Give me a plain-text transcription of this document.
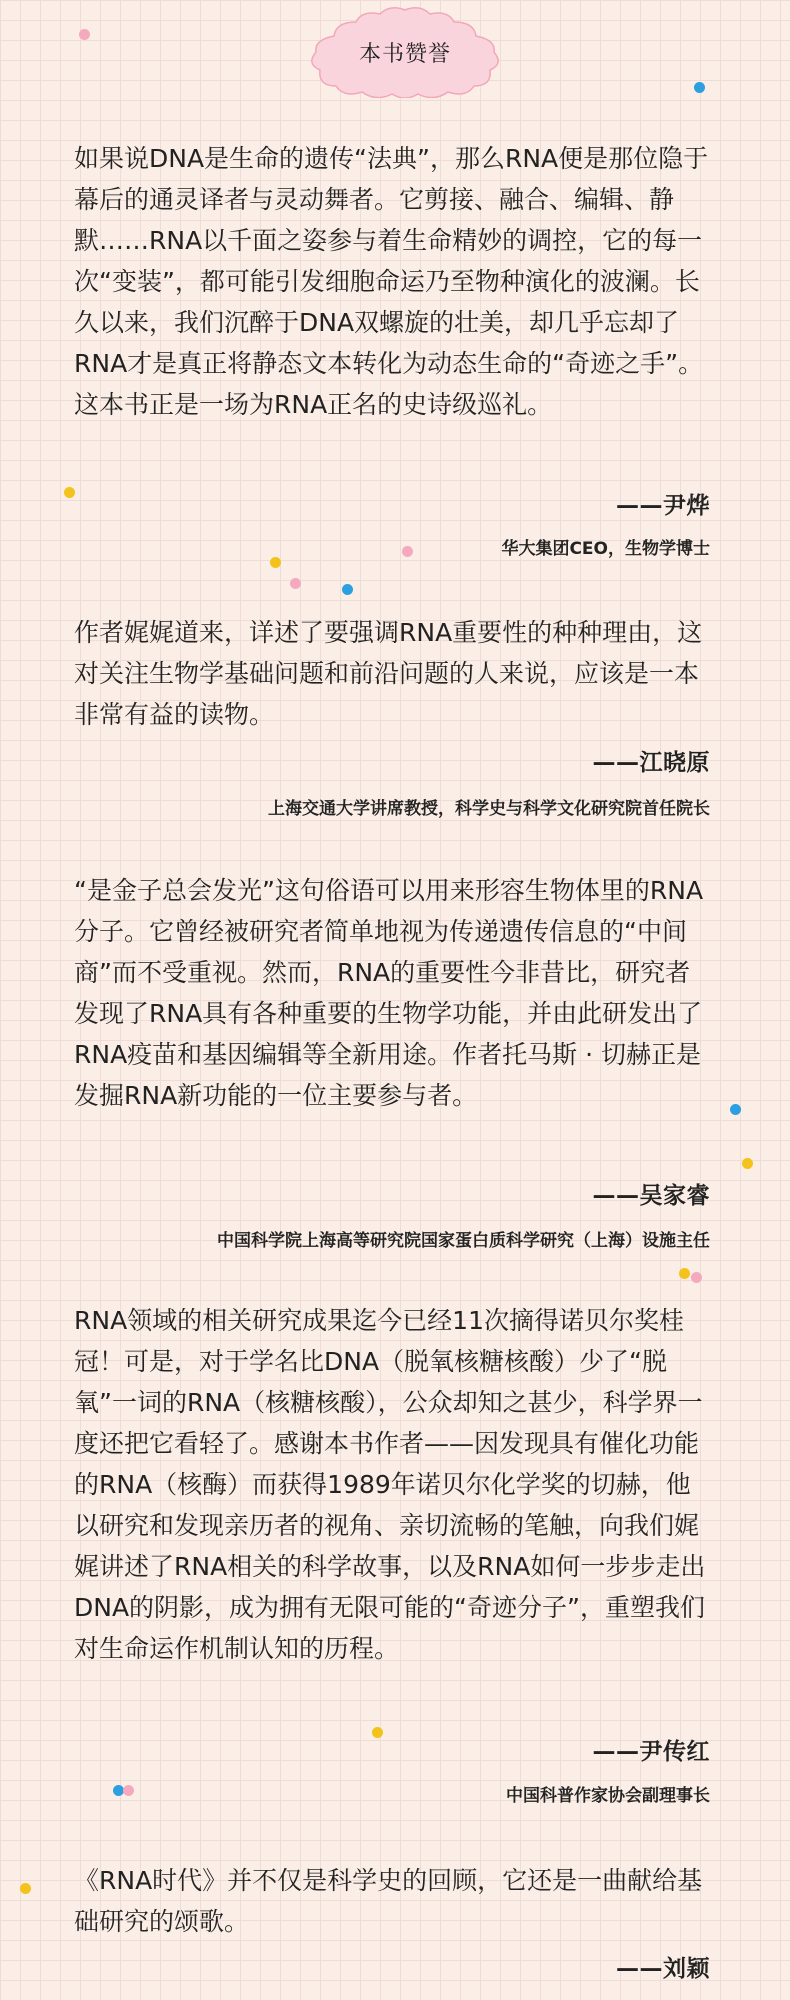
本书赞誉

如果说DNA是生命的遗传“法典”，那么RNA便是那位隐于幕后的通灵译者与灵动舞者。它剪接、融合、编辑、静默……RNA以千面之姿参与着生命精妙的调控，它的每一次“变装”，都可能引发细胞命运乃至物种演化的波澜。长久以来，我们沉醉于DNA双螺旋的壮美，却几乎忘却了RNA才是真正将静态文本转化为动态生命的“奇迹之手”。这本书正是一场为RNA正名的史诗级巡礼。

——尹烨
华大集团CEO，生物学博士

作者娓娓道来，详述了要强调RNA重要性的种种理由，这对关注生物学基础问题和前沿问题的人来说，应该是一本非常有益的读物。

——江晓原
上海交通大学讲席教授，科学史与科学文化研究院首任院长

“是金子总会发光”这句俗语可以用来形容生物体里的RNA分子。它曾经被研究者简单地视为传递遗传信息的“中间商”而不受重视。然而，RNA的重要性今非昔比，研究者发现了RNA具有各种重要的生物学功能，并由此研发出了RNA疫苗和基因编辑等全新用途。作者托马斯 · 切赫正是发掘RNA新功能的一位主要参与者。

——吴家睿
中国科学院上海高等研究院国家蛋白质科学研究（上海）设施主任

RNA领域的相关研究成果迄今已经11次摘得诺贝尔奖桂冠！可是，对于学名比DNA（脱氧核糖核酸）少了“脱氧”一词的RNA（核糖核酸），公众却知之甚少，科学界一度还把它看轻了。感谢本书作者——因发现具有催化功能的RNA（核酶）而获得1989年诺贝尔化学奖的切赫，他以研究和发现亲历者的视角、亲切流畅的笔触，向我们娓娓讲述了RNA相关的科学故事，以及RNA如何一步步走出DNA的阴影，成为拥有无限可能的“奇迹分子”，重塑我们对生命运作机制认知的历程。

——尹传红
中国科普作家协会副理事长

《RNA时代》并不仅是科学史的回顾，它还是一曲献给基础研究的颂歌。

——刘颖
